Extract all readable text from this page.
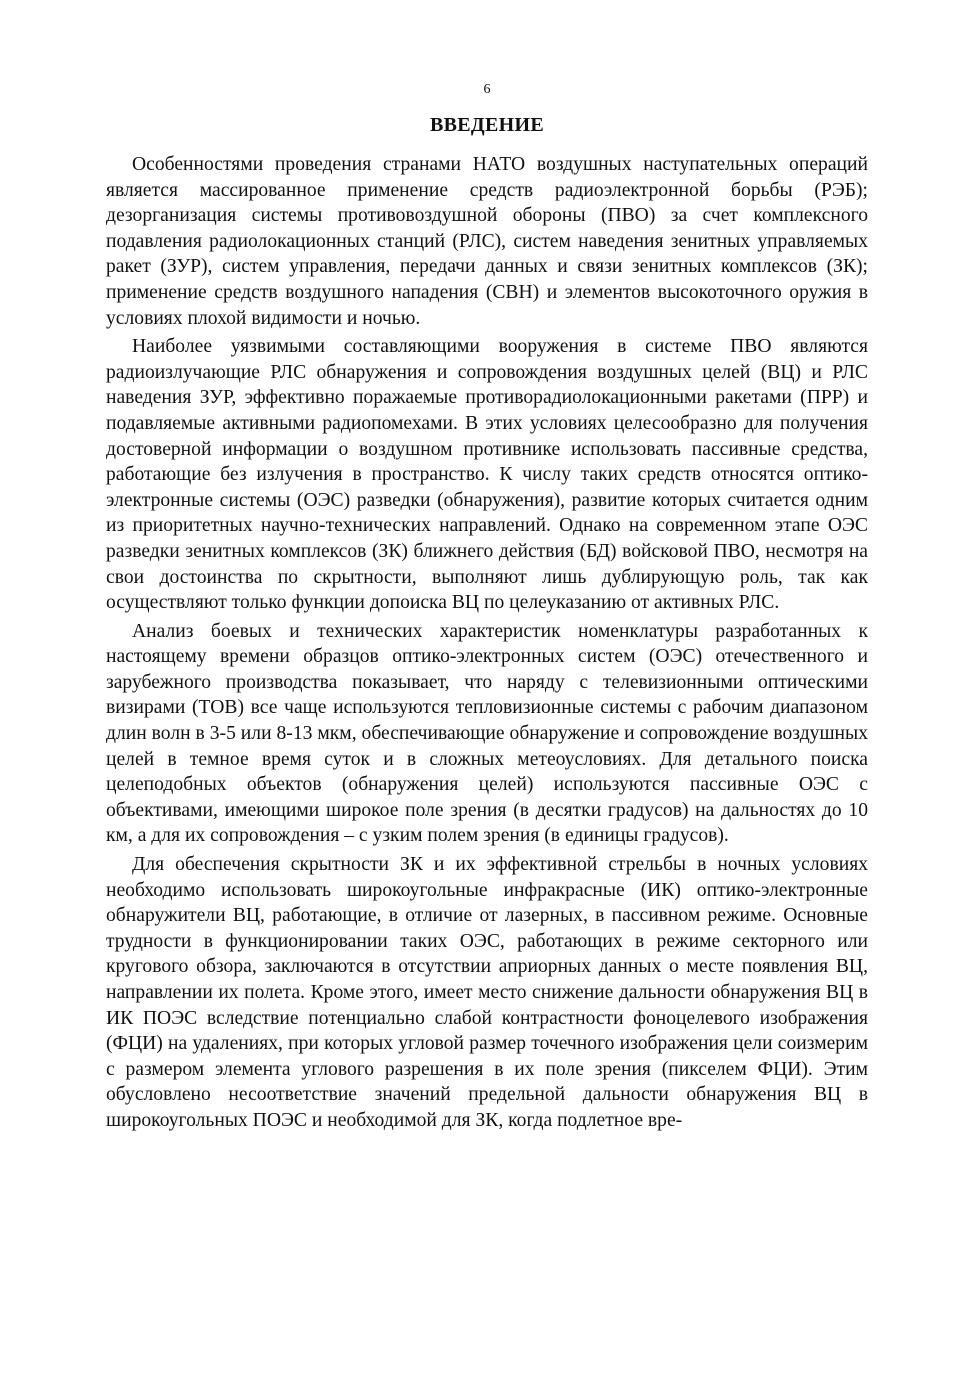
6
ВВЕДЕНИЕ

Особенностями проведения странами НАТО воздушных наступательных операций является массированное применение средств радиоэлектронной борьбы (РЭБ); дезорганизация системы противовоздушной обороны (ПВО) за счет комплексного подавления радиолокационных станций (РЛС), систем наведения зенитных управляемых ракет (ЗУР), систем управления, передачи данных и связи зенитных комплексов (ЗК); применение средств воздушного нападения (СВН) и элементов высокоточного оружия в условиях плохой видимости и ночью.

Наиболее уязвимыми составляющими вооружения в системе ПВО являются радиоизлучающие РЛС обнаружения и сопровождения воздушных целей (ВЦ) и РЛС наведения ЗУР, эффективно поражаемые противорадиолокационными ракетами (ПРР) и подавляемые активными радиопомехами. В этих условиях целесообразно для получения достоверной информации о воздушном противнике использовать пассивные средства, работающие без излучения в пространство. К числу таких средств относятся оптико-электронные системы (ОЭС) разведки (обнаружения), развитие которых считается одним из приоритетных научно-технических направлений. Однако на современном этапе ОЭС разведки зенитных комплексов (ЗК) ближнего действия (БД) войсковой ПВО, несмотря на свои достоинства по скрытности, выполняют лишь дублирующую роль, так как осуществляют только функции допоиска ВЦ по целеуказанию от активных РЛС.

Анализ боевых и технических характеристик номенклатуры разработанных к настоящему времени образцов оптико-электронных систем (ОЭС) отечественного и зарубежного производства показывает, что наряду с телевизионными оптическими визирами (ТОВ) все чаще используются тепловизионные системы с рабочим диапазоном длин волн в 3-5 или 8-13 мкм, обеспечивающие обнаружение и сопровождение воздушных целей в темное время суток и в сложных метеоусловиях. Для детального поиска целеподобных объектов (обнаружения целей) используются пассивные ОЭС с объективами, имеющими широкое поле зрения (в десятки градусов) на дальностях до 10 км, а для их сопровождения – с узким полем зрения (в единицы градусов).

Для обеспечения скрытности ЗК и их эффективной стрельбы в ночных условиях необходимо использовать широкоугольные инфракрасные (ИК) оптико-электронные обнаружители ВЦ, работающие, в отличие от лазерных, в пассивном режиме. Основные трудности в функционировании таких ОЭС, работающих в режиме секторного или кругового обзора, заключаются в отсутствии априорных данных о месте появления ВЦ, направлении их полета. Кроме этого, имеет место снижение дальности обнаружения ВЦ в ИК ПОЭС вследствие потенциально слабой контрастности фоноцелевого изображения (ФЦИ) на удалениях, при которых угловой размер точечного изображения цели соизмерим с размером элемента углового разрешения в их поле зрения (пикселем ФЦИ). Этим обусловлено несоответствие значений предельной дальности обнаружения ВЦ в широкоугольных ПОЭС и необходимой для ЗК, когда подлетное вре-
